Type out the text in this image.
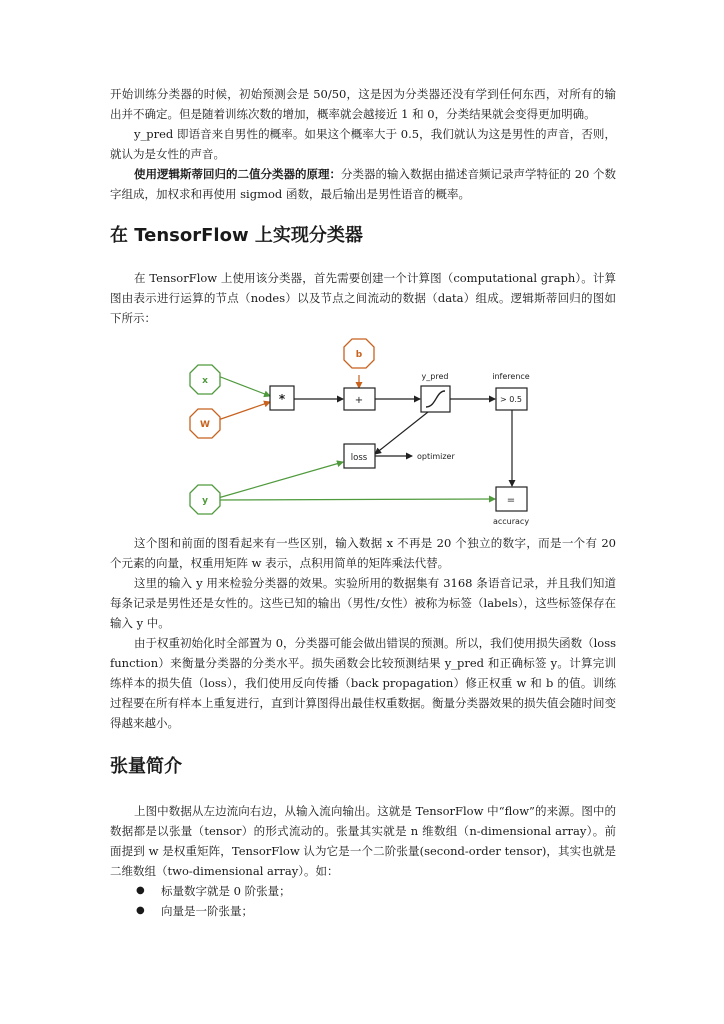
开始训练分类器的时候，初始预测会是 50/50，这是因为分类器还没有学到任何东西，对所有的输出并不确定。但是随着训练次数的增加，概率就会越接近 1 和 0，分类结果就会变得更加明确。

y_pred 即语音来自男性的概率。如果这个概率大于 0.5，我们就认为这是男性的声音，否则，就认为是女性的声音。

使用逻辑斯蒂回归的二值分类器的原理：分类器的输入数据由描述音频记录声学特征的 20 个数字组成，加权求和再使用 sigmod 函数，最后输出是男性语音的概率。

在 TensorFlow 上实现分类器

在 TensorFlow 上使用该分类器，首先需要创建一个计算图（computational graph）。计算图由表示进行运算的节点（nodes）以及节点之间流动的数据（data）组成。逻辑斯蒂回归的图如下所示：

x
W
b
y
*	+
y_pred
> 0.5
inference
loss	optimizer
=
accuracy

这个图和前面的图看起来有一些区别，输入数据 x 不再是 20 个独立的数字，而是一个有 20 个元素的向量，权重用矩阵 w 表示，点积用简单的矩阵乘法代替。

这里的输入 y 用来检验分类器的效果。实验所用的数据集有 3168 条语音记录，并且我们知道每条记录是男性还是女性的。这些已知的输出（男性/女性）被称为标签（labels），这些标签保存在输入 y 中。

由于权重初始化时全部置为 0，分类器可能会做出错误的预测。所以，我们使用损失函数（loss function）来衡量分类器的分类水平。损失函数会比较预测结果 y_pred 和正确标签 y。计算完训练样本的损失值（loss），我们使用反向传播（back propagation）修正权重 w 和 b 的值。训练过程要在所有样本上重复进行，直到计算图得出最佳权重数据。衡量分类器效果的损失值会随时间变得越来越小。

张量简介

上图中数据从左边流向右边，从输入流向输出。这就是 TensorFlow 中“flow”的来源。图中的数据都是以张量（tensor）的形式流动的。张量其实就是 n 维数组（n-dimensional array）。前面提到 w 是权重矩阵，TensorFlow 认为它是一个二阶张量(second-order tensor)，其实也就是二维数组（two-dimensional array）。如：

● 标量数字就是 0 阶张量；
● 向量是一阶张量；
